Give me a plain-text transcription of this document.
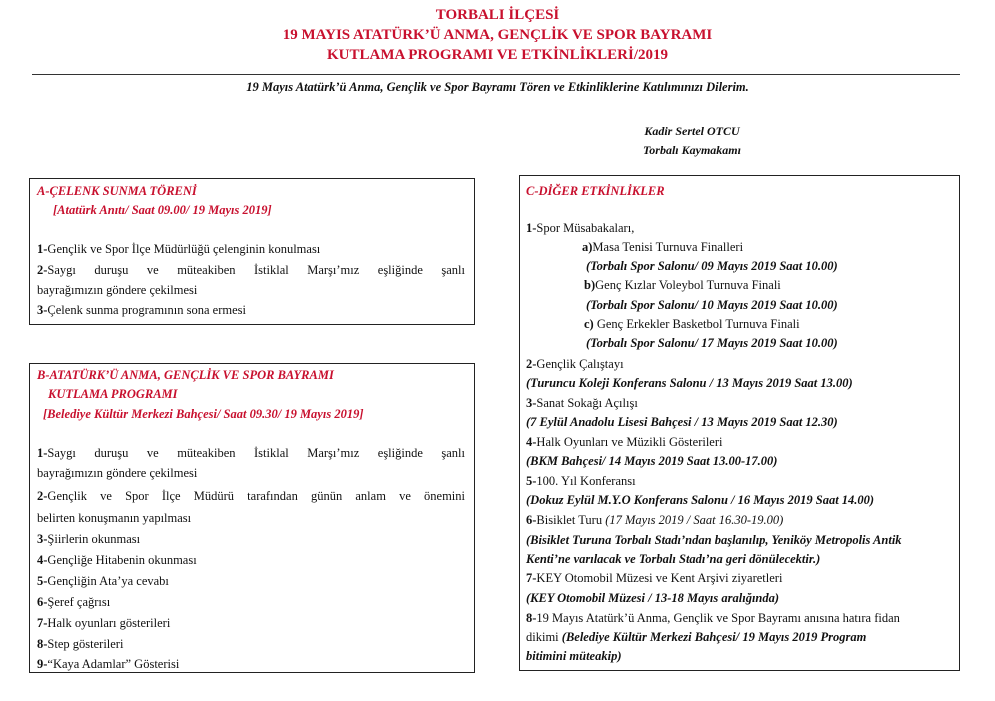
TORBALI İLÇESİ
19 MAYIS ATATÜRK’Ü ANMA, GENÇLİK VE SPOR BAYRAMI
KUTLAMA PROGRAMI VE ETKİNLİKLERİ/2019
19 Mayıs Atatürk’ü Anma, Gençlik ve Spor Bayramı Tören ve Etkinliklerine Katılımınızı Dilerim.
Kadir Sertel OTCU
Torbalı Kaymakamı
A-ÇELENK SUNMA TÖRENİ
[Atatürk Anıtı/ Saat 09.00/ 19 Mayıs 2019]
1-Gençlik ve Spor İlçe Müdürlüğü çelenginin konulması
2-Saygı duruşu ve müteakiben İstiklal Marşı’mız eşliğinde şanlı
bayrağımızın göndere çekilmesi
3-Çelenk sunma programının sona ermesi
B-ATATÜRK’Ü ANMA, GENÇLİK VE SPOR BAYRAMI
KUTLAMA PROGRAMI
[Belediye Kültür Merkezi Bahçesi/ Saat 09.30/ 19 Mayıs 2019]
1-Saygı duruşu ve müteakiben İstiklal Marşı’mız eşliğinde şanlı
bayrağımızın göndere çekilmesi
2-Gençlik ve Spor İlçe Müdürü tarafından günün anlam ve önemini
belirten konuşmanın yapılması
3-Şiirlerin okunması
4-Gençliğe Hitabenin okunması
5-Gençliğin Ata’ya cevabı
6-Şeref çağrısı
7-Halk oyunları gösterileri
8-Step gösterileri
9-“Kaya Adamlar” Gösterisi
C-DİĞER ETKİNLİKLER
1-Spor Müsabakaları,
a)Masa Tenisi Turnuva Finalleri
(Torbalı Spor Salonu/ 09 Mayıs 2019 Saat 10.00)
b)Genç Kızlar Voleybol Turnuva Finali
(Torbalı Spor Salonu/ 10 Mayıs 2019 Saat 10.00)
c) Genç Erkekler Basketbol Turnuva Finali
(Torbalı Spor Salonu/ 17 Mayıs 2019 Saat 10.00)
2-Gençlik Çalıştayı
(Turuncu Koleji Konferans Salonu / 13 Mayıs 2019 Saat 13.00)
3-Sanat Sokağı Açılışı
(7 Eylül Anadolu Lisesi Bahçesi / 13 Mayıs 2019 Saat 12.30)
4-Halk Oyunları ve Müzikli Gösterileri
(BKM Bahçesi/ 14 Mayıs 2019 Saat 13.00-17.00)
5-100. Yıl Konferansı
(Dokuz Eylül M.Y.O Konferans Salonu / 16 Mayıs 2019 Saat 14.00)
6-Bisiklet Turu (17 Mayıs 2019 / Saat 16.30-19.00)
(Bisiklet Turuna Torbalı Stadı’ndan başlanılıp, Yeniköy Metropolis Antik
Kenti’ne varılacak ve Torbalı Stadı’na geri dönülecektir.)
7-KEY Otomobil Müzesi ve Kent Arşivi ziyaretleri
(KEY Otomobil Müzesi / 13-18 Mayıs aralığında)
8-19 Mayıs Atatürk’ü Anma, Gençlik ve Spor Bayramı anısına hatıra fidan
dikimi (Belediye Kültür Merkezi Bahçesi/ 19 Mayıs 2019 Program
bitimini müteakip)
